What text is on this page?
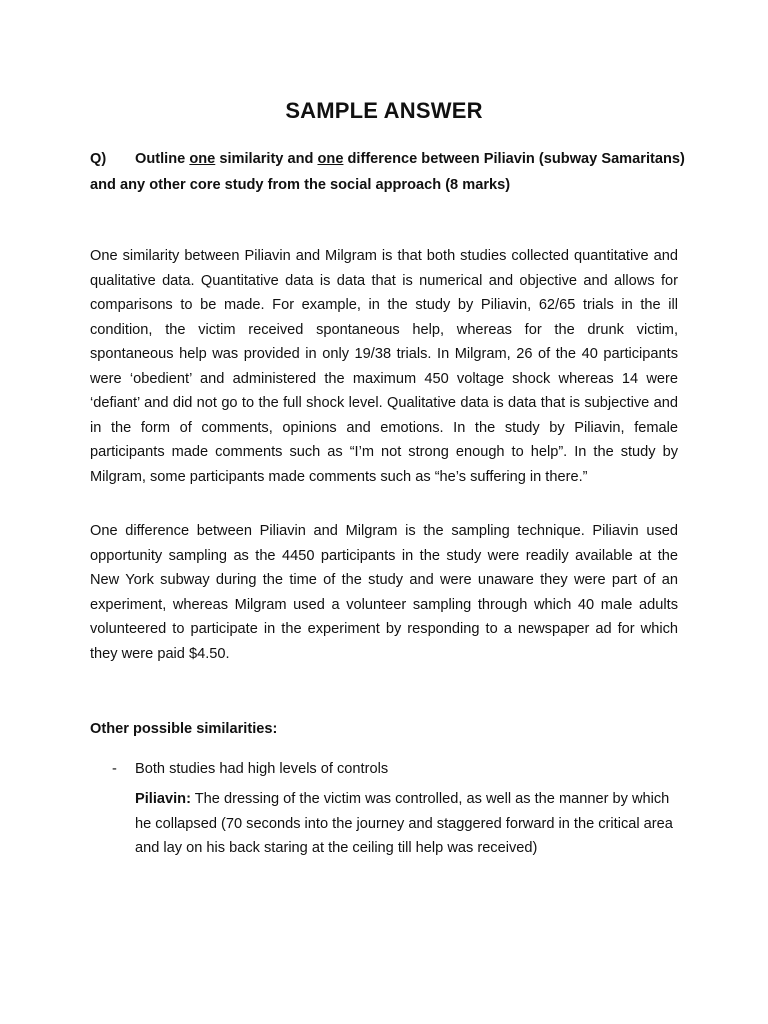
SAMPLE ANSWER
Q) Outline one similarity and one difference between Piliavin (subway Samaritans) and any other core study from the social approach (8 marks)

One similarity between Piliavin and Milgram is that both studies collected quantitative and qualitative data. Quantitative data is data that is numerical and objective and allows for comparisons to be made. For example, in the study by Piliavin, 62/65 trials in the ill condition, the victim received spontaneous help, whereas for the drunk victim, spontaneous help was provided in only 19/38 trials. In Milgram, 26 of the 40 participants were ‘obedient’ and administered the maximum 450 voltage shock whereas 14 were ‘defiant’ and did not go to the full shock level. Qualitative data is data that is subjective and in the form of comments, opinions and emotions. In the study by Piliavin, female participants made comments such as “I’m not strong enough to help”. In the study by Milgram, some participants made comments such as “he’s suffering in there.”

One difference between Piliavin and Milgram is the sampling technique. Piliavin used opportunity sampling as the 4450 participants in the study were readily available at the New York subway during the time of the study and were unaware they were part of an experiment, whereas Milgram used a volunteer sampling through which 40 male adults volunteered to participate in the experiment by responding to a newspaper ad for which they were paid $4.50.

Other possible similarities:
- Both studies had high levels of controls
Piliavin: The dressing of the victim was controlled, as well as the manner by which he collapsed (70 seconds into the journey and staggered forward in the critical area and lay on his back staring at the ceiling till help was received)
